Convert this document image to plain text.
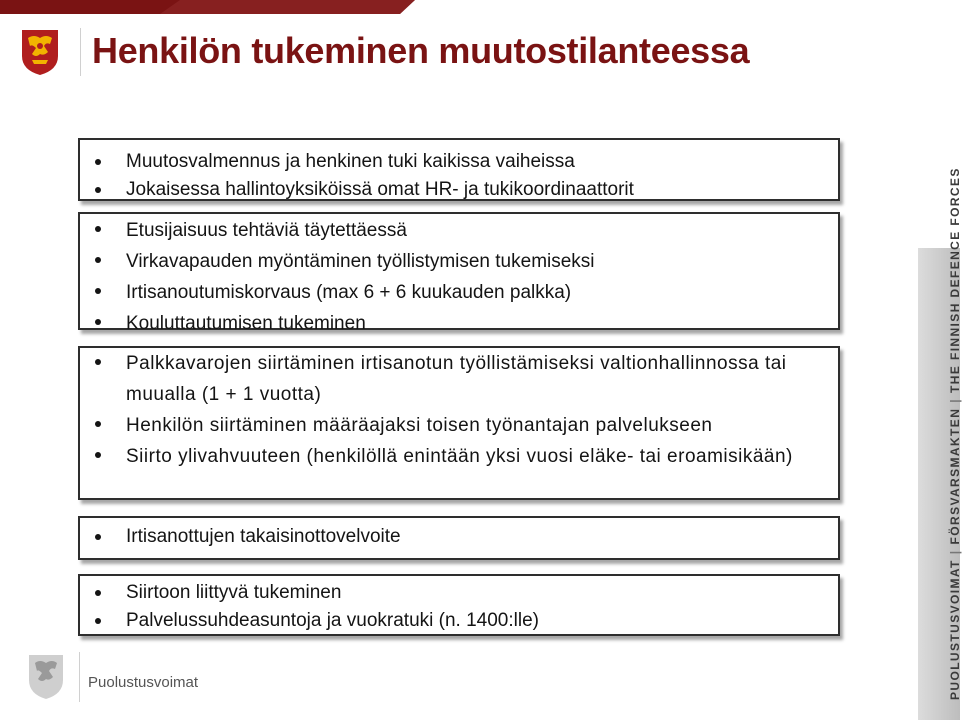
Henkilön tukeminen muutostilanteessa
Muutosvalmennus ja henkinen tuki kaikissa vaiheissa
Jokaisessa hallintoyksiköissä omat HR- ja tukikoordinaattorit
Etusijaisuus tehtäviä täytettäessä
Virkavapauden myöntäminen työllistymisen tukemiseksi
Irtisanoutumiskorvaus (max 6 + 6 kuukauden palkka)
Kouluttautumisen tukeminen
Palkkavarojen siirtäminen irtisanotun työllistämiseksi valtionhallinnossa tai muualla (1 + 1 vuotta)
Henkilön siirtäminen määräajaksi toisen työnantajan palvelukseen
Siirto ylivahvuuteen (henkilöllä enintään yksi vuosi eläke- tai eroamisikään)
Irtisanottujen takaisinottovelvoite
Siirtoon liittyvä tukeminen
Palvelussuhdeasuntoja ja vuokratuki (n. 1400:lle)	PUOLUSTUSVOIMAT|FÖRSVARSMAKTEN|THE FINNISH DEFENCE FORCES
Puolustusvoimat
